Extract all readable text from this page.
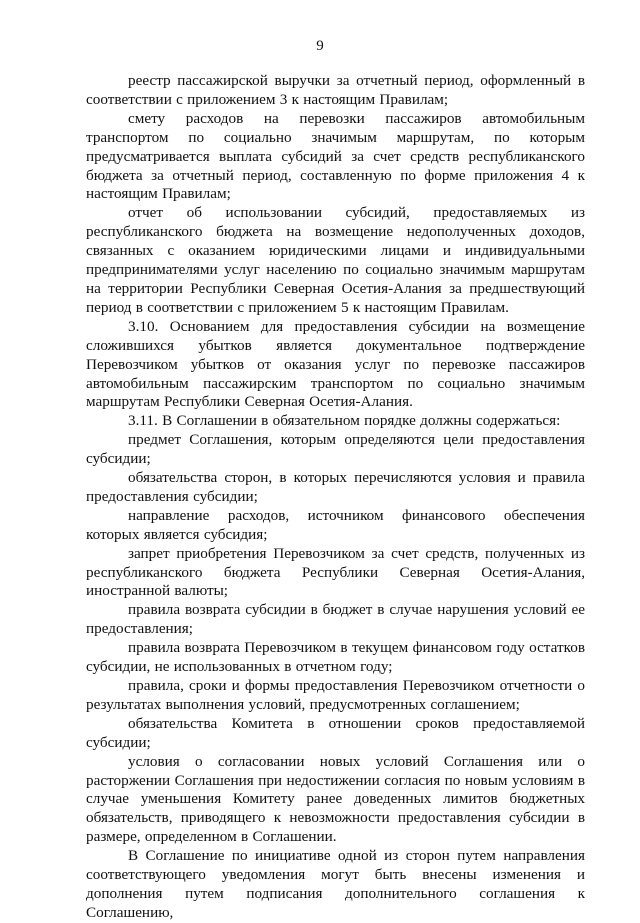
9

реестр пассажирской выручки за отчетный период, оформленный в соответствии с приложением 3 к настоящим Правилам;

смету расходов на перевозки пассажиров автомобильным транспортом по социально значимым маршрутам, по которым предусматривается выплата субсидий за счет средств республиканского бюджета за отчетный период, составленную по форме приложения 4 к настоящим Правилам;

отчет об использовании субсидий, предоставляемых из республиканского бюджета на возмещение недополученных доходов, связанных с оказанием юридическими лицами и индивидуальными предпринимателями услуг населению по социально значимым маршрутам на территории Республики Северная Осетия-Алания за предшествующий период в соответствии с приложением 5 к настоящим Правилам.

3.10. Основанием для предоставления субсидии на возмещение сложившихся убытков является документальное подтверждение Перевозчиком убытков от оказания услуг по перевозке пассажиров автомобильным пассажирским транспортом по социально значимым маршрутам Республики Северная Осетия-Алания.

3.11. В Соглашении в обязательном порядке должны содержаться:

предмет Соглашения, которым определяются цели предоставления субсидии;

обязательства сторон, в которых перечисляются условия и правила предоставления субсидии;

направление расходов, источником финансового обеспечения которых является субсидия;

запрет приобретения Перевозчиком за счет средств, полученных из республиканского бюджета Республики Северная Осетия-Алания, иностранной валюты;

правила возврата субсидии в бюджет в случае нарушения условий ее предоставления;

правила возврата Перевозчиком в текущем финансовом году остатков субсидии, не использованных в отчетном году;

правила, сроки и формы предоставления Перевозчиком отчетности о результатах выполнения условий, предусмотренных соглашением;

обязательства Комитета в отношении сроков предоставляемой субсидии;

условия о согласовании новых условий Соглашения или о расторжении Соглашения при недостижении согласия по новым условиям в случае уменьшения Комитету ранее доведенных лимитов бюджетных обязательств, приводящего к невозможности предоставления субсидии в размере, определенном в Соглашении.

В Соглашение по инициативе одной из сторон путем направления соответствующего уведомления могут быть внесены изменения и дополнения путем подписания дополнительного соглашения к Соглашению,
